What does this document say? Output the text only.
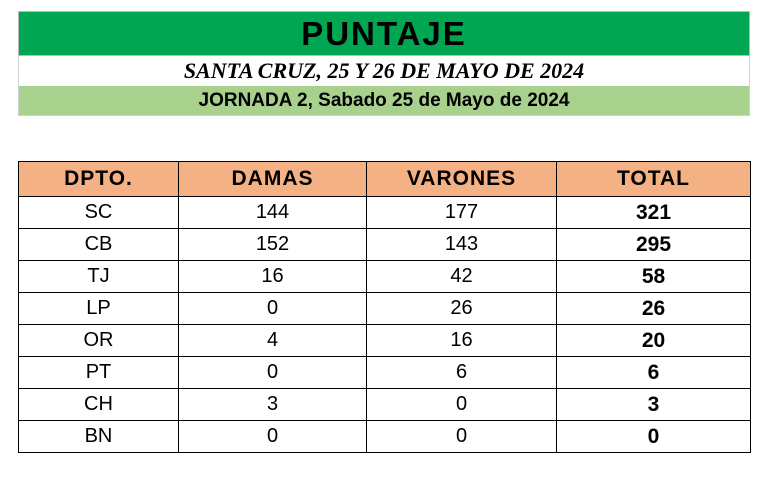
PUNTAJE
SANTA CRUZ, 25 Y 26 DE MAYO DE 2024
JORNADA 2, Sabado 25 de Mayo de 2024
DPTO.	DAMAS	VARONES	TOTAL
SC	144	177	321
CB	152	143	295
TJ	16	42	58
LP	0	26	26
OR	4	16	20
PT	0	6	6
CH	3	0	3
BN	0	0	0
